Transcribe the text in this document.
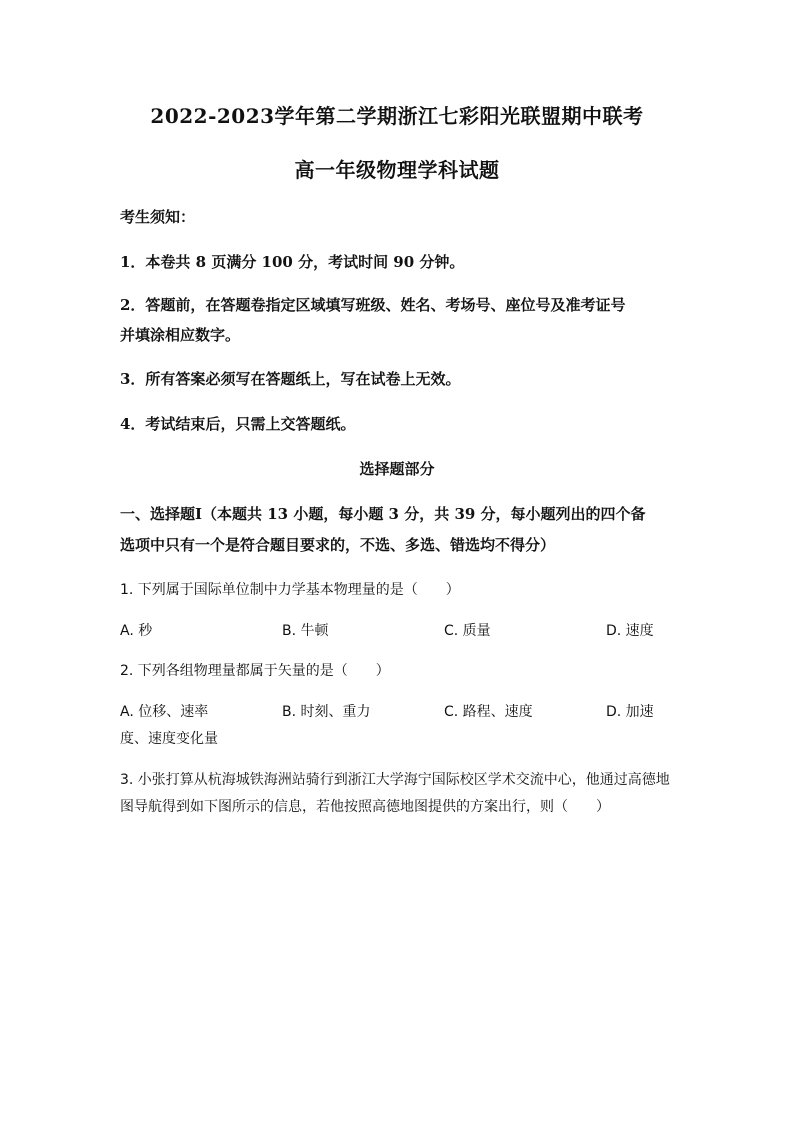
2022-2023学年第二学期浙江七彩阳光联盟期中联考
高一年级物理学科试题
考生须知：
1．本卷共 8 页满分 100 分，考试时间 90 分钟。
2．答题前，在答题卷指定区域填写班级、姓名、考场号、座位号及准考证号
并填涂相应数字。
3．所有答案必须写在答题纸上，写在试卷上无效。
4．考试结束后，只需上交答题纸。
选择题部分
一、选择题Ⅰ（本题共 13 小题，每小题 3 分，共 39 分，每小题列出的四个备
选项中只有一个是符合题目要求的，不选、多选、错选均不得分）
1. 下列属于国际单位制中力学基本物理量的是（　　）
A. 秒	B. 牛顿	C. 质量	D. 速度
2. 下列各组物理量都属于矢量的是（　　）
A. 位移、速率	B. 时刻、重力	C. 路程、速度	D. 加速
度、速度变化量
3. 小张打算从杭海城铁海洲站骑行到浙江大学海宁国际校区学术交流中心，他通过高德地
图导航得到如下图所示的信息，若他按照高德地图提供的方案出行，则（　　）
